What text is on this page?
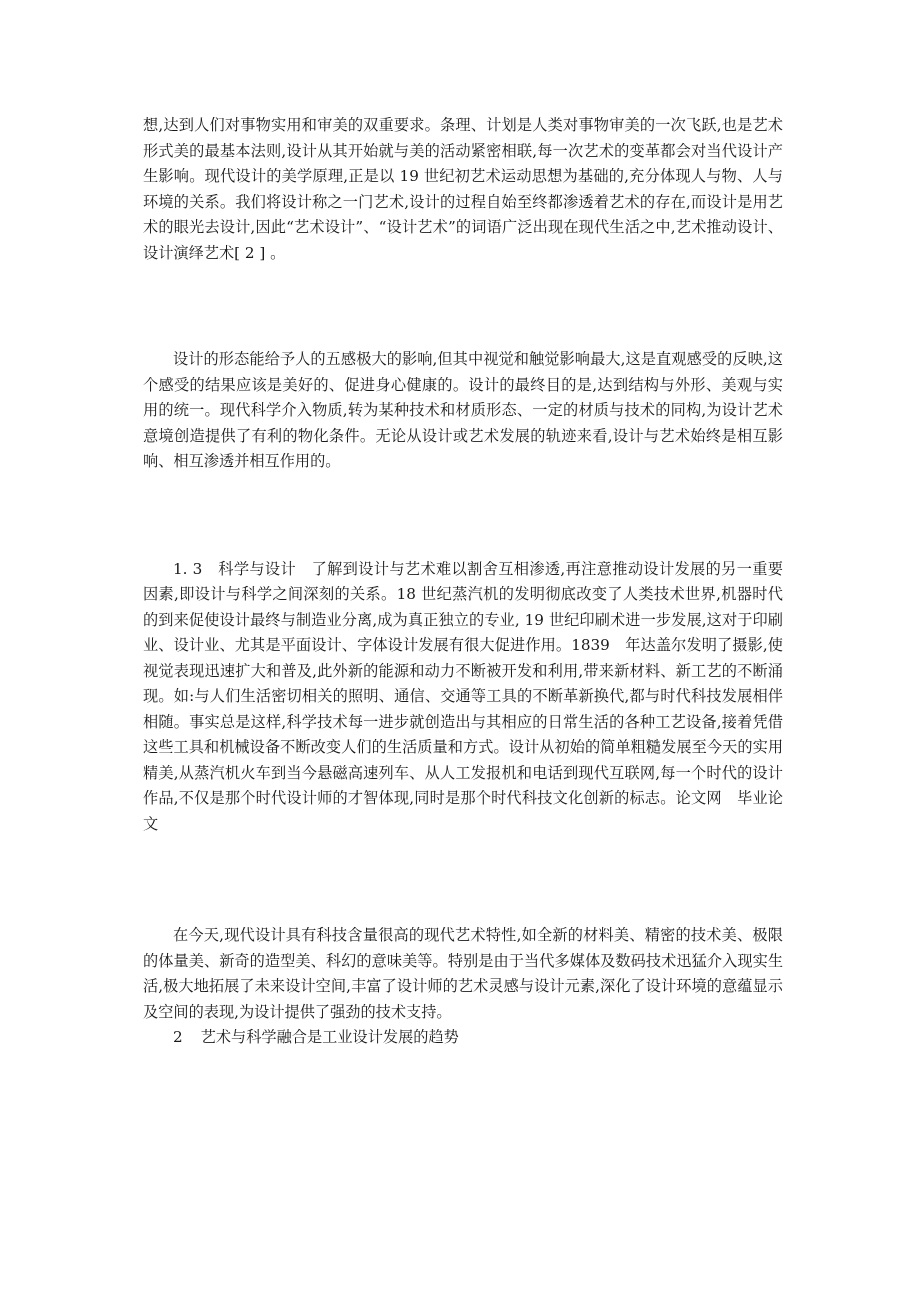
想,达到人们对事物实用和审美的双重要求。条理、计划是人类对事物审美的一次飞跃,也是艺术形式美的最基本法则,设计从其开始就与美的活动紧密相联,每一次艺术的变革都会对当代设计产生影响。现代设计的美学原理,正是以 19 世纪初艺术运动思想为基础的,充分体现人与物、人与环境的关系。我们将设计称之一门艺术,设计的过程自始至终都渗透着艺术的存在,而设计是用艺术的眼光去设计,因此“艺术设计”、“设计艺术”的词语广泛出现在现代生活之中,艺术推动设计、设计演绎艺术[ 2 ] 。

设计的形态能给予人的五感极大的影响,但其中视觉和触觉影响最大,这是直观感受的反映,这个感受的结果应该是美好的、促进身心健康的。设计的最终目的是,达到结构与外形、美观与实用的统一。现代科学介入物质,转为某种技术和材质形态、一定的材质与技术的同构,为设计艺术意境创造提供了有利的物化条件。无论从设计或艺术发展的轨迹来看,设计与艺术始终是相互影响、相互渗透并相互作用的。

1. 3　科学与设计　了解到设计与艺术难以割舍互相渗透,再注意推动设计发展的另一重要因素,即设计与科学之间深刻的关系。18 世纪蒸汽机的发明彻底改变了人类技术世界,机器时代的到来促使设计最终与制造业分离,成为真正独立的专业, 19 世纪印刷术进一步发展,这对于印刷业、设计业、尤其是平面设计、字体设计发展有很大促进作用。1839　年达盖尔发明了摄影,使视觉表现迅速扩大和普及,此外新的能源和动力不断被开发和利用,带来新材料、新工艺的不断涌现。如:与人们生活密切相关的照明、通信、交通等工具的不断革新换代,都与时代科技发展相伴相随。事实总是这样,科学技术每一进步就创造出与其相应的日常生活的各种工艺设备,接着凭借这些工具和机械设备不断改变人们的生活质量和方式。设计从初始的简单粗糙发展至今天的实用精美,从蒸汽机火车到当今悬磁高速列车、从人工发报机和电话到现代互联网,每一个时代的设计作品,不仅是那个时代设计师的才智体现,同时是那个时代科技文化创新的标志。论文网　毕业论文

在今天,现代设计具有科技含量很高的现代艺术特性,如全新的材料美、精密的技术美、极限的体量美、新奇的造型美、科幻的意味美等。特别是由于当代多媒体及数码技术迅猛介入现实生活,极大地拓展了未来设计空间,丰富了设计师的艺术灵感与设计元素,深化了设计环境的意蕴显示及空间的表现,为设计提供了强劲的技术支持。

2 艺术与科学融合是工业设计发展的趋势
